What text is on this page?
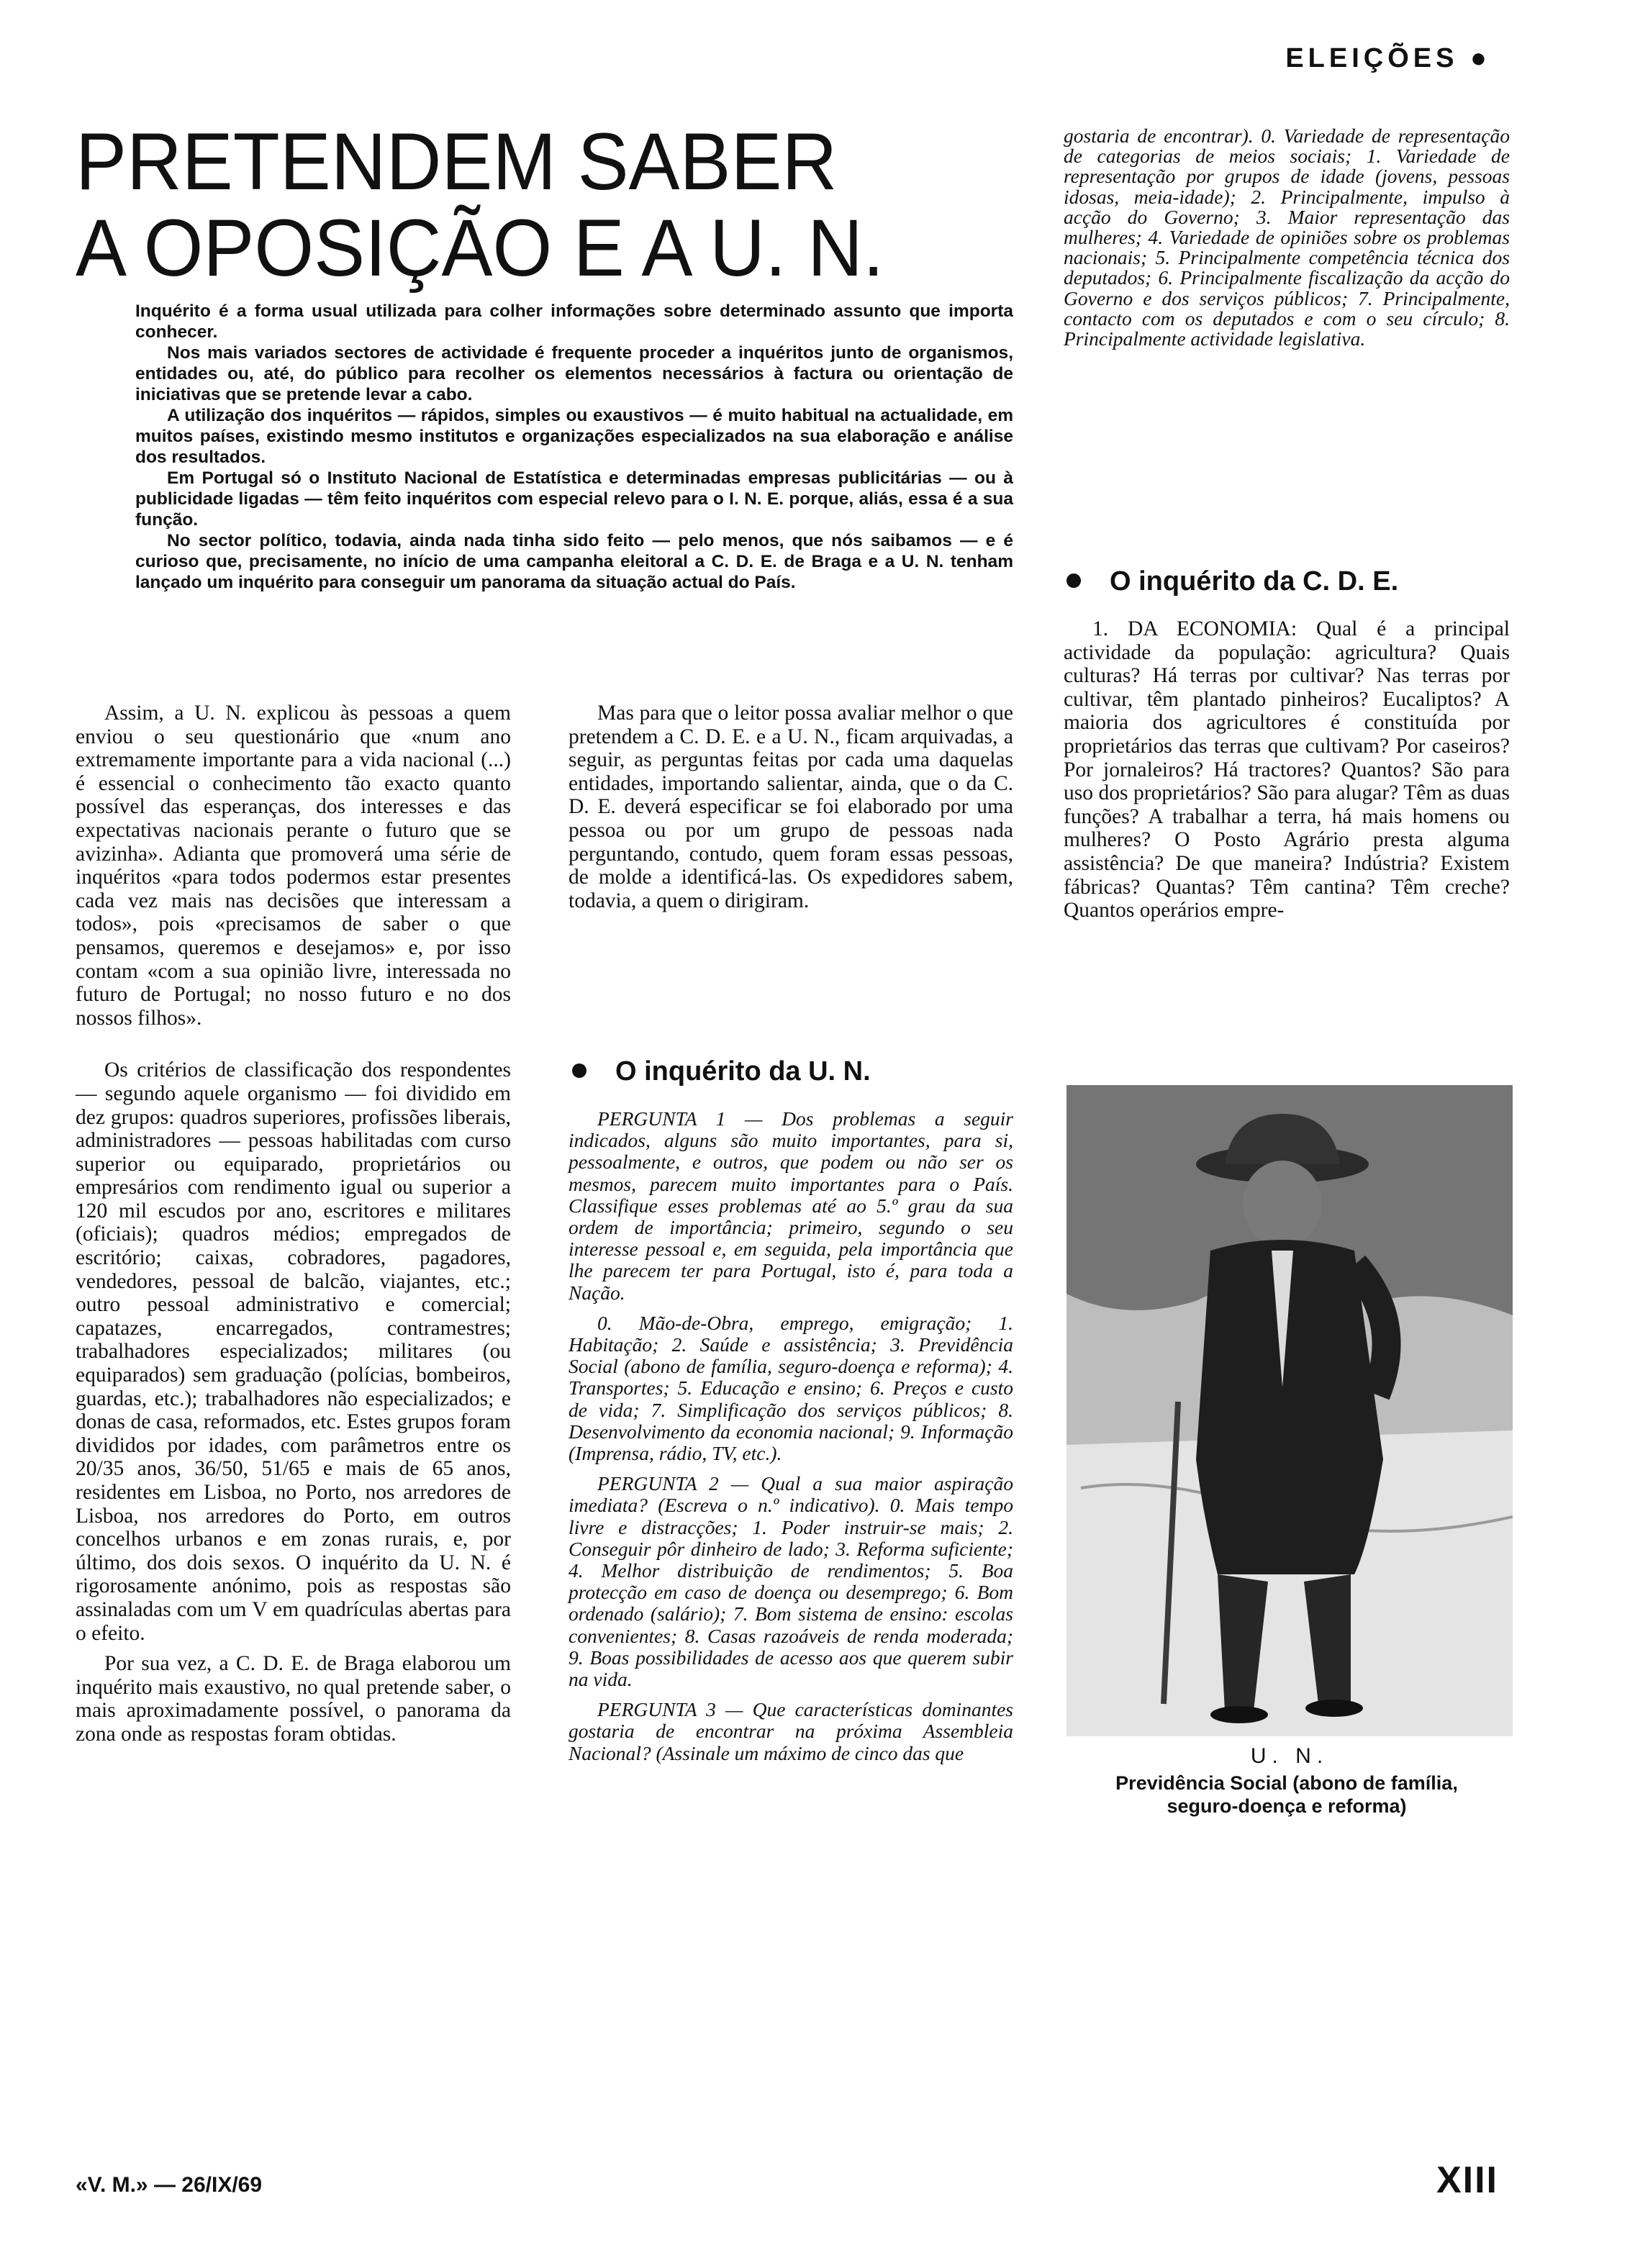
ELEIÇÕES ●
PRETENDEM SABER
A OPOSIÇÃO E A U. N.

Inquérito é a forma usual utilizada para colher informações sobre determinado assunto que importa conhecer.

Nos mais variados sectores de actividade é frequente proceder a inquéritos junto de organismos, entidades ou, até, do público para recolher os elementos necessários à factura ou orientação de iniciativas que se pretende levar a cabo.

A utilização dos inquéritos — rápidos, simples ou exaustivos — é muito habitual na actualidade, em muitos países, existindo mesmo institutos e organizações especializados na sua elaboração e análise dos resultados.

Em Portugal só o Instituto Nacional de Estatística e determinadas empresas publicitárias — ou à publicidade ligadas — têm feito inquéritos com especial relevo para o I. N. E. porque, aliás, essa é a sua função.

No sector político, todavia, ainda nada tinha sido feito — pelo menos, que nós saibamos — e é curioso que, precisamente, no início de uma campanha eleitoral a C. D. E. de Braga e a U. N. tenham lançado um inquérito para conseguir um panorama da situação actual do País.

Assim, a U. N. explicou às pessoas a quem enviou o seu questionário que «num ano extremamente importante para a vida nacional (...) é essencial o conhecimento tão exacto quanto possível das esperanças, dos interesses e das expectativas nacionais perante o futuro que se avizinha». Adianta que promoverá uma série de inquéritos «para todos podermos estar presentes cada vez mais nas decisões que interessam a todos», pois «precisamos de saber o que pensamos, queremos e desejamos» e, por isso contam «com a sua opinião livre, interessada no futuro de Portugal; no nosso futuro e no dos nossos filhos».

Os critérios de classificação dos respondentes — segundo aquele organismo — foi dividido em dez grupos: quadros superiores, profissões liberais, administradores — pessoas habilitadas com curso superior ou equiparado, proprietários ou empresários com rendimento igual ou superior a 120 mil escudos por ano, escritores e militares (oficiais); quadros médios; empregados de escritório; caixas, cobradores, pagadores, vendedores, pessoal de balcão, viajantes, etc.; outro pessoal administrativo e comercial; capatazes, encarregados, contramestres; trabalhadores especializados; militares (ou equiparados) sem graduação (polícias, bombeiros, guardas, etc.); trabalhadores não especializados; e donas de casa, reformados, etc. Estes grupos foram divididos por idades, com parâmetros entre os 20/35 anos, 36/50, 51/65 e mais de 65 anos, residentes em Lisboa, no Porto, nos arredores de Lisboa, nos arredores do Porto, em outros concelhos urbanos e em zonas rurais, e, por último, dos dois sexos. O inquérito da U. N. é rigorosamente anónimo, pois as respostas são assinaladas com um V em quadrículas abertas para o efeito.

Por sua vez, a C. D. E. de Braga elaborou um inquérito mais exaustivo, no qual pretende saber, o mais aproximadamente possível, o panorama da zona onde as respostas foram obtidas.

Mas para que o leitor possa avaliar melhor o que pretendem a C. D. E. e a U. N., ficam arquivadas, a seguir, as perguntas feitas por cada uma daquelas entidades, importando salientar, ainda, que o da C. D. E. deverá especificar se foi elaborado por uma pessoa ou por um grupo de pessoas nada perguntando, contudo, quem foram essas pessoas, de molde a identificá-las. Os expedidores sabem, todavia, a quem o dirigiram.

O inquérito da U. N.

PERGUNTA 1 — Dos problemas a seguir indicados, alguns são muito importantes, para si, pessoalmente, e outros, que podem ou não ser os mesmos, parecem muito importantes para o País. Classifique esses problemas até ao 5.º grau da sua ordem de importância; primeiro, segundo o seu interesse pessoal e, em seguida, pela importância que lhe parecem ter para Portugal, isto é, para toda a Nação.

0. Mão-de-Obra, emprego, emigração; 1. Habitação; 2. Saúde e assistência; 3. Previdência Social (abono de família, seguro-doença e reforma); 4. Transportes; 5. Educação e ensino; 6. Preços e custo de vida; 7. Simplificação dos serviços públicos; 8. Desenvolvimento da economia nacional; 9. Informação (Imprensa, rádio, TV, etc.).

PERGUNTA 2 — Qual a sua maior aspiração imediata? (Escreva o n.º indicativo). 0. Mais tempo livre e distracções; 1. Poder instruir-se mais; 2. Conseguir pôr dinheiro de lado; 3. Reforma suficiente; 4. Melhor distribuição de rendimentos; 5. Boa protecção em caso de doença ou desemprego; 6. Bom ordenado (salário); 7. Bom sistema de ensino: escolas convenientes; 8. Casas razoáveis de renda moderada; 9. Boas possibilidades de acesso aos que querem subir na vida.

PERGUNTA 3 — Que características dominantes gostaria de encontrar na próxima Assembleia Nacional? (Assinale um máximo de cinco das que

gostaria de encontrar). 0. Variedade de representação de categorias de meios sociais; 1. Variedade de representação por grupos de idade (jovens, pessoas idosas, meia-idade); 2. Principalmente, impulso à acção do Governo; 3. Maior representação das mulheres; 4. Variedade de opiniões sobre os problemas nacionais; 5. Principalmente competência técnica dos deputados; 6. Principalmente fiscalização da acção do Governo e dos serviços públicos; 7. Principalmente, contacto com os deputados e com o seu círculo; 8. Principalmente actividade legislativa.

O inquérito da C. D. E.

1. DA ECONOMIA: Qual é a principal actividade da população: agricultura? Quais culturas? Há terras por cultivar? Nas terras por cultivar, têm plantado pinheiros? Eucaliptos? A maioria dos agricultores é constituída por proprietários das terras que cultivam? Por caseiros? Por jornaleiros? Há tractores? Quantos? São para uso dos proprietários? São para alugar? Têm as duas funções? A trabalhar a terra, há mais homens ou mulheres? O Posto Agrário presta alguma assistência? De que maneira? Indústria? Existem fábricas? Quantas? Têm cantina? Têm creche? Quantos operários empre-

U. N.
Previdência Social (abono de família,
seguro-doença e reforma)
«V. M.» — 26/IX/69	XIII
